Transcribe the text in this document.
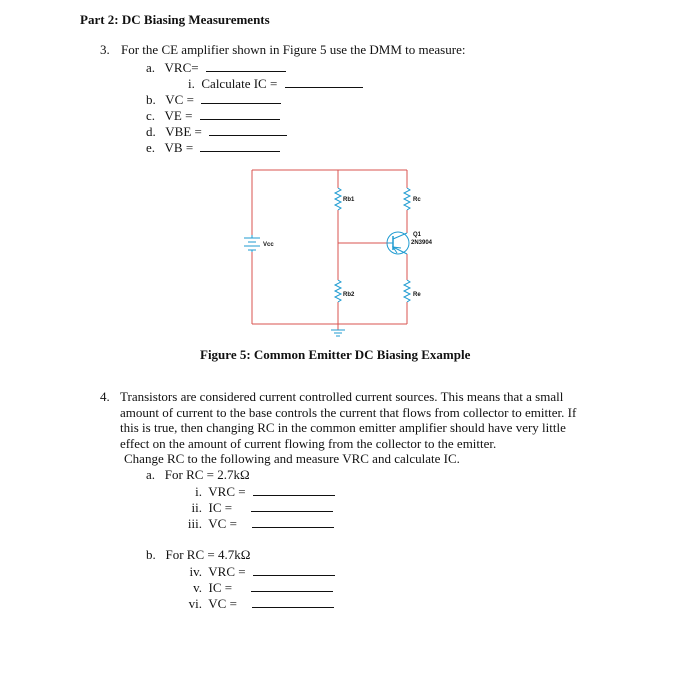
Part 2: DC Biasing Measurements
3. For the CE amplifier shown in Figure 5 use the DMM to measure:
a. VRC=
i. Calculate IC =
b. VC =
c. VE =
d. VBE =
e. VB =
Rb1	Rc
Q1
2N3904
Vcc
Rb2	Re
Figure 5: Common Emitter DC Biasing Example
4. Transistors are considered current controlled current sources. This means that a small
amount of current to the base controls the current that flows from collector to emitter. If
this is true, then changing RC in the common emitter amplifier should have very little
effect on the amount of current flowing from the collector to the emitter.
Change RC to the following and measure VRC and calculate IC.
a. For RC = 2.7kΩ
i. VRC =
ii. IC =
iii. VC =
b. For RC = 4.7kΩ
iv. VRC =
v. IC =
vi. VC =
